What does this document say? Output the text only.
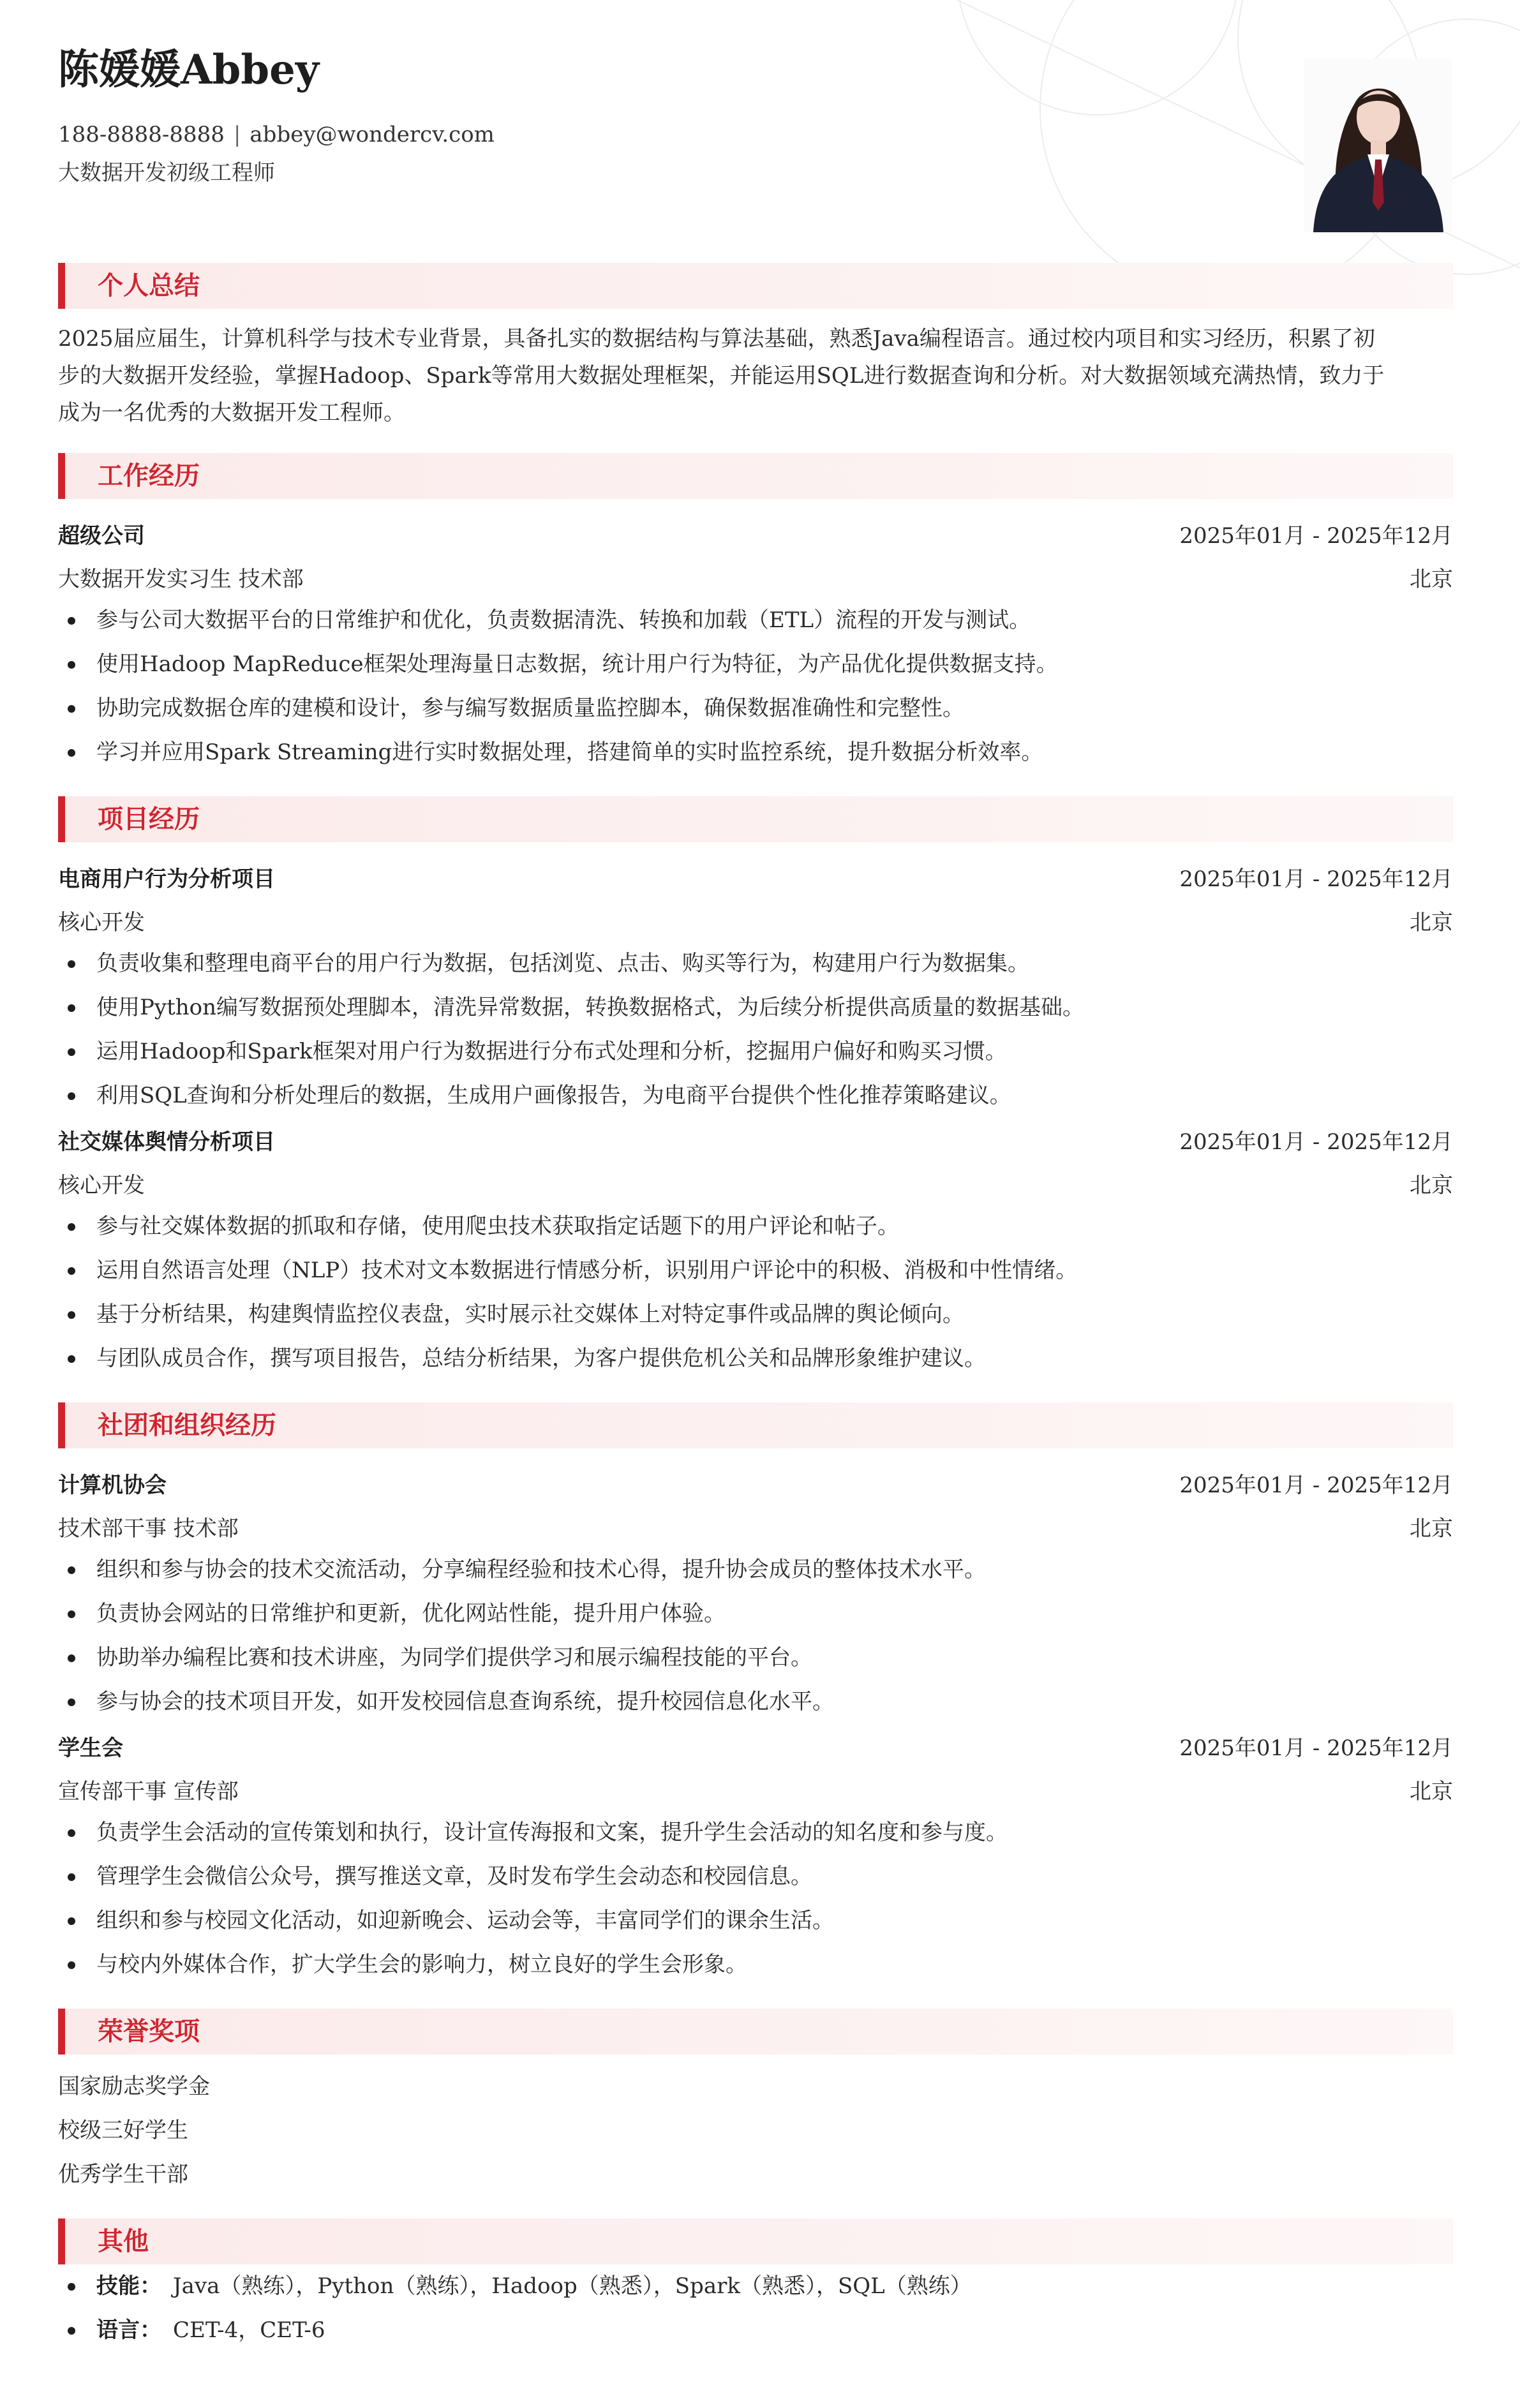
陈媛媛Abbey
188-8888-8888 | abbey@wondercv.com
大数据开发初级工程师
个人总结
2025届应届生，计算机科学与技术专业背景，具备扎实的数据结构与算法基础，熟悉Java编程语言。通过校内项目和实习经历，积累了初
步的大数据开发经验，掌握Hadoop、Spark等常用大数据处理框架，并能运用SQL进行数据查询和分析。对大数据领域充满热情，致力于
成为一名优秀的大数据开发工程师。
工作经历
超级公司	2025年01月 - 2025年12月
大数据开发实习生 技术部	北京
参与公司大数据平台的日常维护和优化，负责数据清洗、转换和加载（ETL）流程的开发与测试。
使用Hadoop MapReduce框架处理海量日志数据，统计用户行为特征，为产品优化提供数据支持。
协助完成数据仓库的建模和设计，参与编写数据质量监控脚本，确保数据准确性和完整性。
学习并应用Spark Streaming进行实时数据处理，搭建简单的实时监控系统，提升数据分析效率。
项目经历
电商用户行为分析项目	2025年01月 - 2025年12月
核心开发	北京
负责收集和整理电商平台的用户行为数据，包括浏览、点击、购买等行为，构建用户行为数据集。
使用Python编写数据预处理脚本，清洗异常数据，转换数据格式，为后续分析提供高质量的数据基础。
运用Hadoop和Spark框架对用户行为数据进行分布式处理和分析，挖掘用户偏好和购买习惯。
利用SQL查询和分析处理后的数据，生成用户画像报告，为电商平台提供个性化推荐策略建议。
社交媒体舆情分析项目	2025年01月 - 2025年12月
核心开发	北京
参与社交媒体数据的抓取和存储，使用爬虫技术获取指定话题下的用户评论和帖子。
运用自然语言处理（NLP）技术对文本数据进行情感分析，识别用户评论中的积极、消极和中性情绪。
基于分析结果，构建舆情监控仪表盘，实时展示社交媒体上对特定事件或品牌的舆论倾向。
与团队成员合作，撰写项目报告，总结分析结果，为客户提供危机公关和品牌形象维护建议。
社团和组织经历
计算机协会	2025年01月 - 2025年12月
技术部干事 技术部	北京
组织和参与协会的技术交流活动，分享编程经验和技术心得，提升协会成员的整体技术水平。
负责协会网站的日常维护和更新，优化网站性能，提升用户体验。
协助举办编程比赛和技术讲座，为同学们提供学习和展示编程技能的平台。
参与协会的技术项目开发，如开发校园信息查询系统，提升校园信息化水平。
学生会	2025年01月 - 2025年12月
宣传部干事 宣传部	北京
负责学生会活动的宣传策划和执行，设计宣传海报和文案，提升学生会活动的知名度和参与度。
管理学生会微信公众号，撰写推送文章，及时发布学生会动态和校园信息。
组织和参与校园文化活动，如迎新晚会、运动会等，丰富同学们的课余生活。
与校内外媒体合作，扩大学生会的影响力，树立良好的学生会形象。
荣誉奖项
国家励志奖学金
校级三好学生
优秀学生干部
其他
技能： Java（熟练），Python（熟练），Hadoop（熟悉），Spark（熟悉），SQL（熟练）
语言： CET-4，CET-6
